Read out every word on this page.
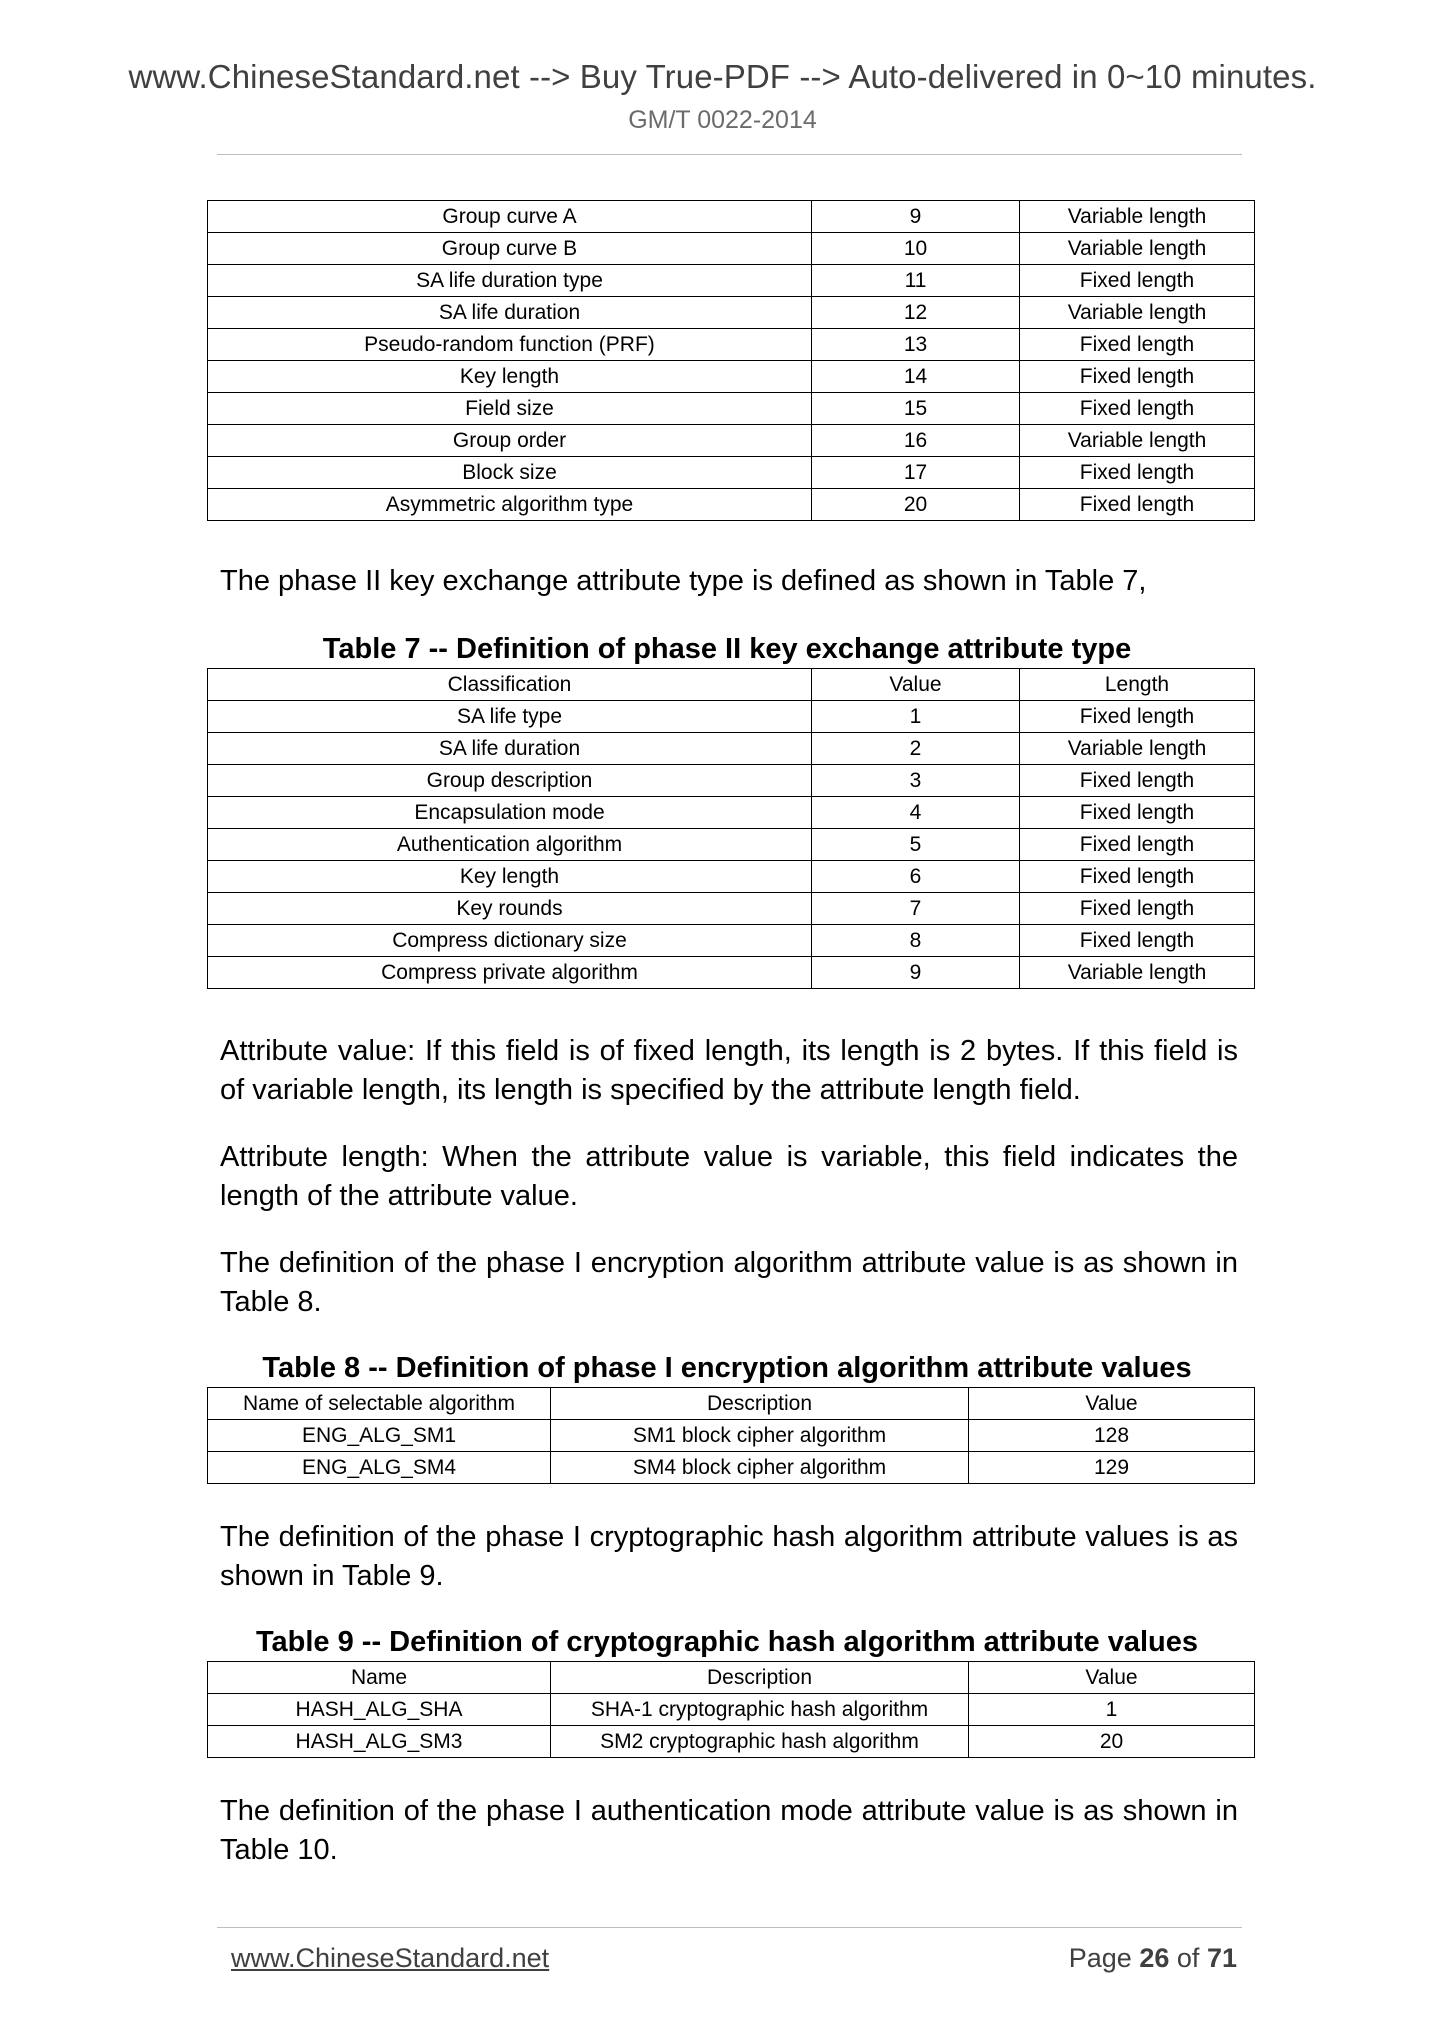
www.ChineseStandard.net --> Buy True-PDF --> Auto-delivered in 0~10 minutes.
GM/T 0022-2014
Group curve A	9	Variable length
Group curve B	10	Variable length
SA life duration type	11	Fixed length
SA life duration	12	Variable length
Pseudo-random function (PRF)	13	Fixed length
Key length	14	Fixed length
Field size	15	Fixed length
Group order	16	Variable length
Block size	17	Fixed length
Asymmetric algorithm type	20	Fixed length

The phase II key exchange attribute type is defined as shown in Table 7,

Table 7 -- Definition of phase II key exchange attribute type
Classification	Value	Length
SA life type	1	Fixed length
SA life duration	2	Variable length
Group description	3	Fixed length
Encapsulation mode	4	Fixed length
Authentication algorithm	5	Fixed length
Key length	6	Fixed length
Key rounds	7	Fixed length
Compress dictionary size	8	Fixed length
Compress private algorithm	9	Variable length

Attribute value: If this field is of fixed length, its length is 2 bytes. If this field is of variable length, its length is specified by the attribute length field.

Attribute length: When the attribute value is variable, this field indicates the length of the attribute value.

The definition of the phase I encryption algorithm attribute value is as shown in Table 8.

Table 8 -- Definition of phase I encryption algorithm attribute values
Name of selectable algorithm	Description	Value
ENG_ALG_SM1	SM1 block cipher algorithm	128
ENG_ALG_SM4	SM4 block cipher algorithm	129

The definition of the phase I cryptographic hash algorithm attribute values is as shown in Table 9.

Table 9 -- Definition of cryptographic hash algorithm attribute values
Name	Description	Value
HASH_ALG_SHA	SHA-1 cryptographic hash algorithm	1
HASH_ALG_SM3	SM2 cryptographic hash algorithm	20

The definition of the phase I authentication mode attribute value is as shown in Table 10.

www.ChineseStandard.net	Page 26 of 71
